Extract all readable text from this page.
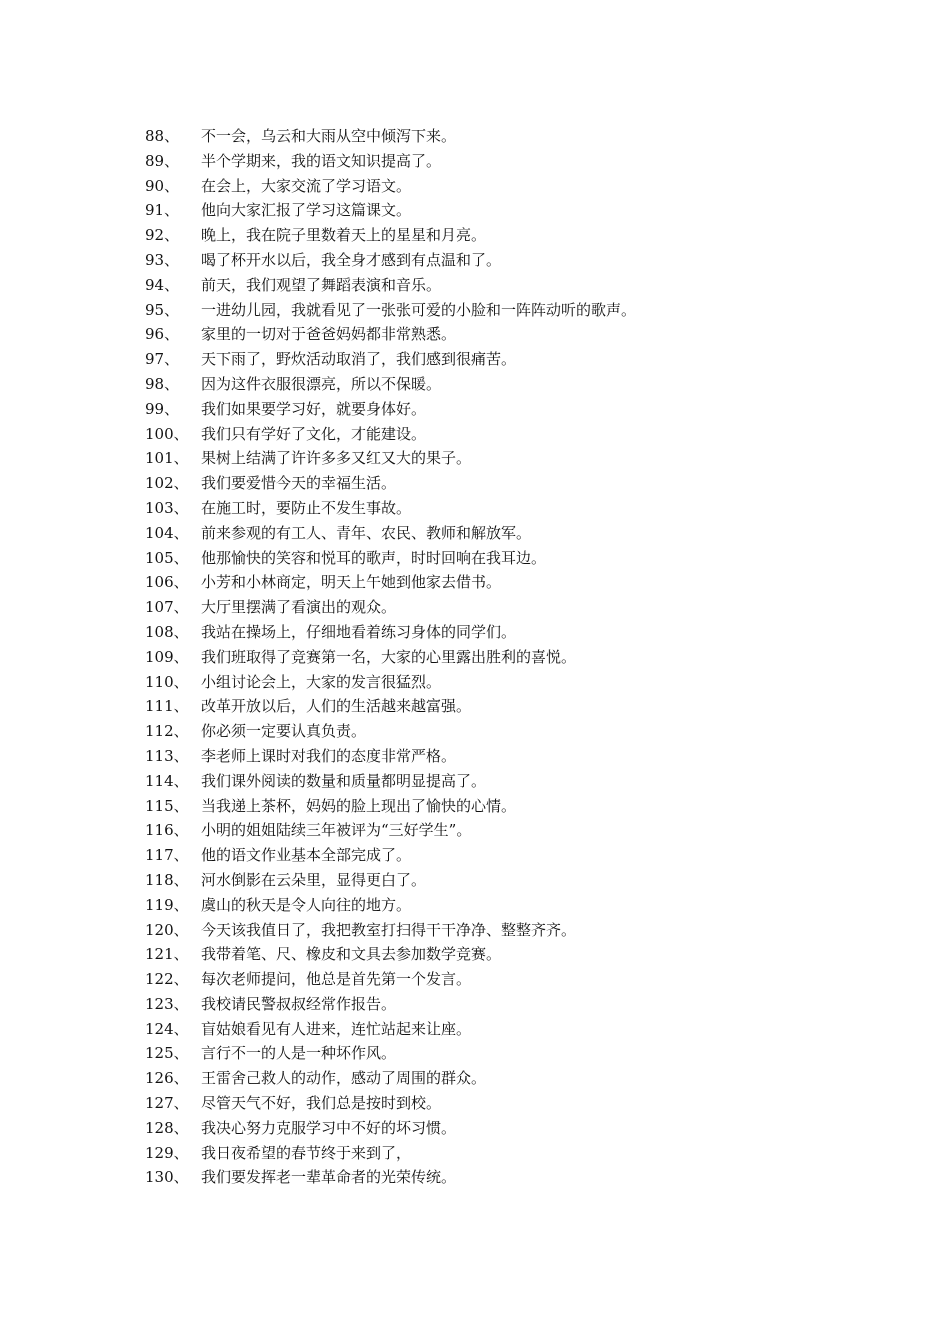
88、	不一会，乌云和大雨从空中倾泻下来。
89、	半个学期来，我的语文知识提高了。
90、	在会上，大家交流了学习语文。
91、	他向大家汇报了学习这篇课文。
92、	晚上，我在院子里数着天上的星星和月亮。
93、	喝了杯开水以后，我全身才感到有点温和了。
94、	前天，我们观望了舞蹈表演和音乐。
95、	一进幼儿园，我就看见了一张张可爱的小脸和一阵阵动听的歌声。
96、	家里的一切对于爸爸妈妈都非常熟悉。
97、	天下雨了，野炊活动取消了，我们感到很痛苦。
98、	因为这件衣服很漂亮，所以不保暖。
99、	我们如果要学习好，就要身体好。
100、 我们只有学好了文化，才能建设。
101、 果树上结满了许许多多又红又大的果子。
102、 我们要爱惜今天的幸福生活。
103、 在施工时，要防止不发生事故。
104、 前来参观的有工人、青年、农民、教师和解放军。
105、 他那愉快的笑容和悦耳的歌声，时时回响在我耳边。
106、 小芳和小林商定，明天上午她到他家去借书。
107、 大厅里摆满了看演出的观众。
108、 我站在操场上，仔细地看着练习身体的同学们。
109、 我们班取得了竞赛第一名，大家的心里露出胜利的喜悦。
110、 小组讨论会上，大家的发言很猛烈。
111、 改革开放以后，人们的生活越来越富强。
112、 你必须一定要认真负责。
113、 李老师上课时对我们的态度非常严格。
114、 我们课外阅读的数量和质量都明显提高了。
115、 当我递上茶杯，妈妈的脸上现出了愉快的心情。
116、 小明的姐姐陆续三年被评为“三好学生”。
117、 他的语文作业基本全部完成了。
118、 河水倒影在云朵里，显得更白了。
119、 虞山的秋天是令人向往的地方。
120、 今天该我值日了，我把教室打扫得干干净净、整整齐齐。
121、 我带着笔、尺、橡皮和文具去参加数学竞赛。
122、 每次老师提问，他总是首先第一个发言。
123、 我校请民警叔叔经常作报告。
124、 盲姑娘看见有人进来，连忙站起来让座。
125、 言行不一的人是一种坏作风。
126、 王雷舍己救人的动作，感动了周围的群众。
127、 尽管天气不好，我们总是按时到校。
128、 我决心努力克服学习中不好的坏习惯。
129、 我日夜希望的春节终于来到了，
130、 我们要发挥老一辈革命者的光荣传统。
